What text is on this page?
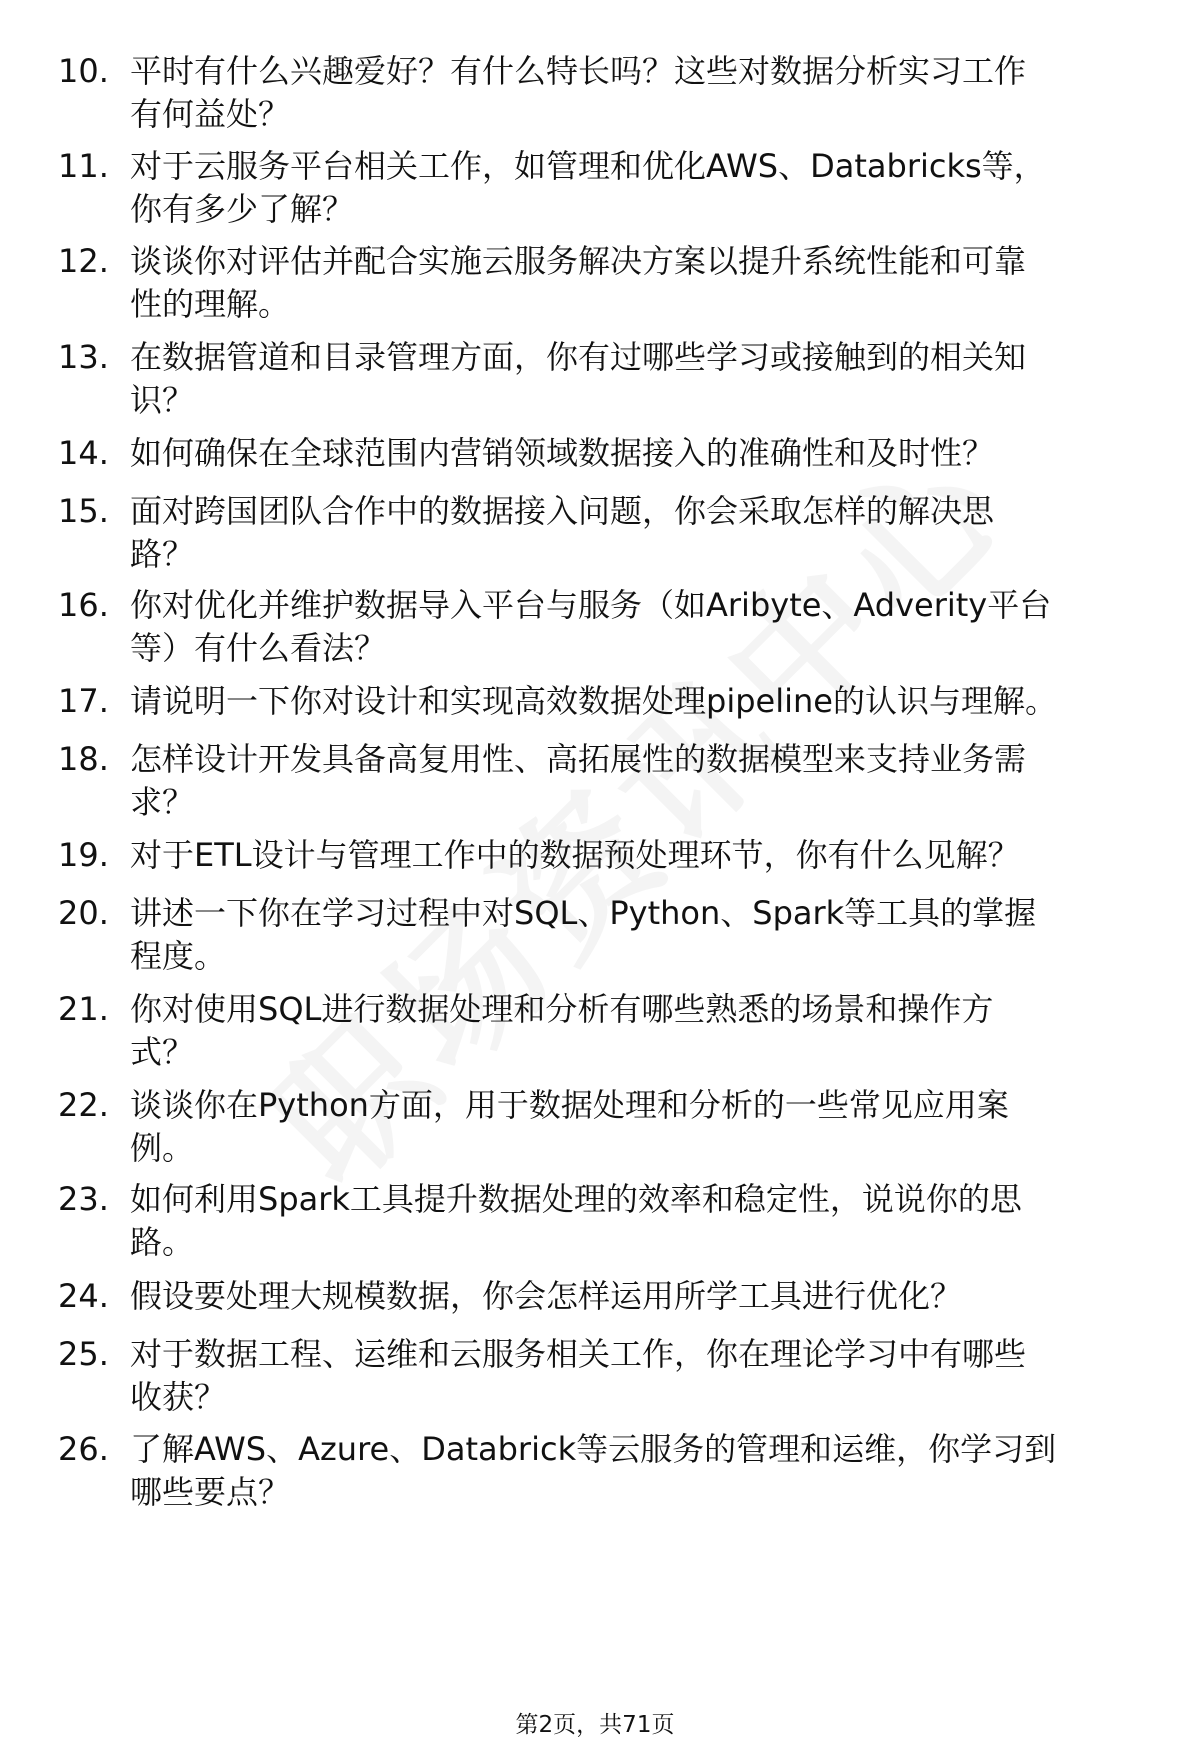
10. 平时有什么兴趣爱好？有什么特长吗？这些对数据分析实习工作
有何益处？
11. 对于云服务平台相关工作，如管理和优化AWS、Databricks等，
你有多少了解？
12. 谈谈你对评估并配合实施云服务解决方案以提升系统性能和可靠
性的理解。
13. 在数据管道和目录管理方面，你有过哪些学习或接触到的相关知
识？
14. 如何确保在全球范围内营销领域数据接入的准确性和及时性？
15. 面对跨国团队合作中的数据接入问题，你会采取怎样的解决思
路？
16. 你对优化并维护数据导入平台与服务（如Aribyte、Adverity平台
等）有什么看法？
17. 请说明一下你对设计和实现高效数据处理pipeline的认识与理解。
18. 怎样设计开发具备高复用性、高拓展性的数据模型来支持业务需
求？
19. 对于ETL设计与管理工作中的数据预处理环节，你有什么见解？
20. 讲述一下你在学习过程中对SQL、Python、Spark等工具的掌握
程度。
21. 你对使用SQL进行数据处理和分析有哪些熟悉的场景和操作方
式？
22. 谈谈你在Python方面，用于数据处理和分析的一些常见应用案
例。
23. 如何利用Spark工具提升数据处理的效率和稳定性，说说你的思
路。
24. 假设要处理大规模数据，你会怎样运用所学工具进行优化？
25. 对于数据工程、运维和云服务相关工作，你在理论学习中有哪些
收获？
26. 了解AWS、Azure、Databrick等云服务的管理和运维，你学习到
哪些要点？
第2页，共71页
